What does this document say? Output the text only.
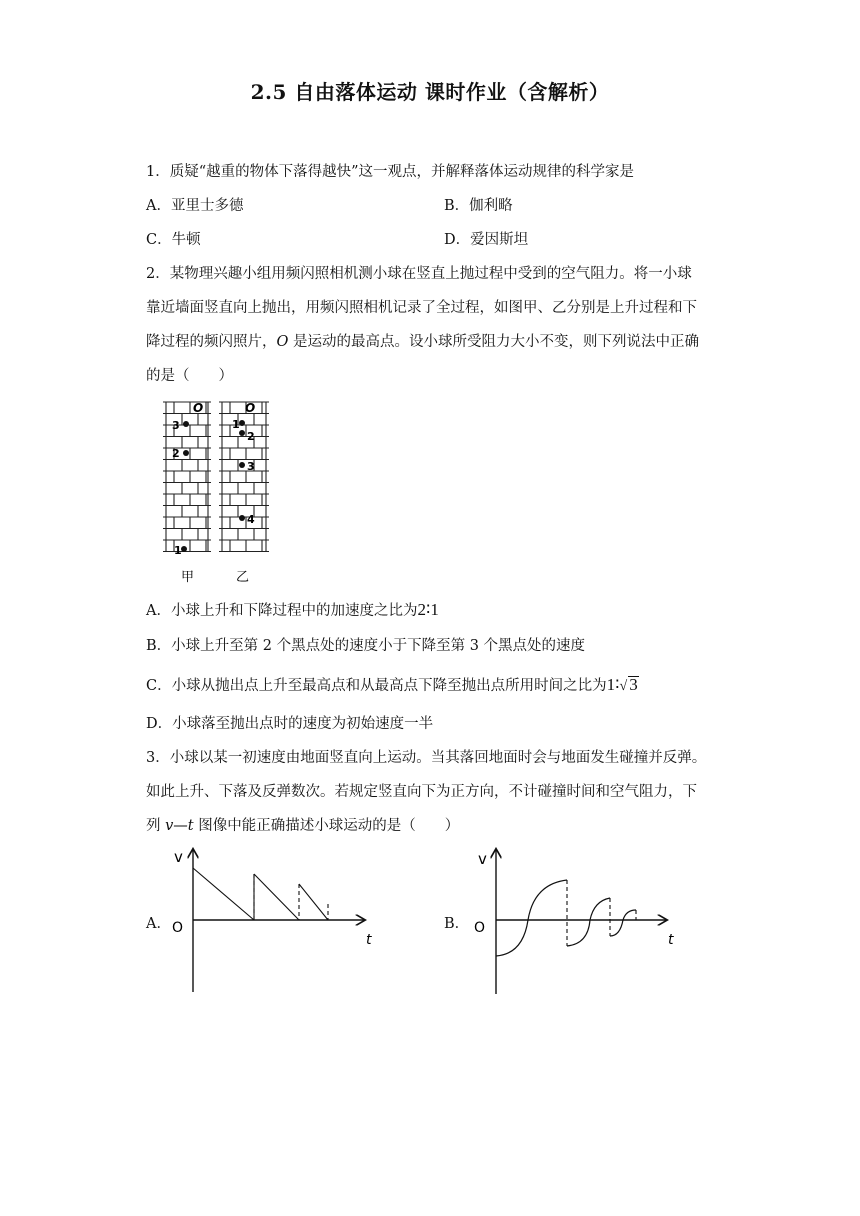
2.5 自由落体运动 课时作业（含解析）
1．质疑“越重的物体下落得越快”这一观点，并解释落体运动规律的科学家是
A．亚里士多德	B．伽利略
C．牛顿	D．爱因斯坦
2．某物理兴趣小组用频闪照相机测小球在竖直上抛过程中受到的空气阻力。将一小球
靠近墙面竖直向上抛出，用频闪照相机记录了全过程，如图甲、乙分别是上升过程和下
降过程的频闪照片，O 是运动的最高点。设小球所受阻力大小不变，则下列说法中正确
的是（　　）
O	O
3
2
1
1
2
3
4
甲	乙
A．小球上升和下降过程中的加速度之比为2∶1
B．小球上升至第 2 个黑点处的速度小于下降至第 3 个黑点处的速度
C．小球从抛出点上升至最高点和从最高点下降至抛出点所用时间之比为1∶√ 3
D．小球落至抛出点时的速度为初始速度一半
3．小球以某一初速度由地面竖直向上运动。当其落回地面时会与地面发生碰撞并反弹。
如此上升、下落及反弹数次。若规定竖直向下为正方向，不计碰撞时间和空气阻力，下
列 v—t 图像中能正确描述小球运动的是（　　）
A．
v
O
t
B．
v
O
t
